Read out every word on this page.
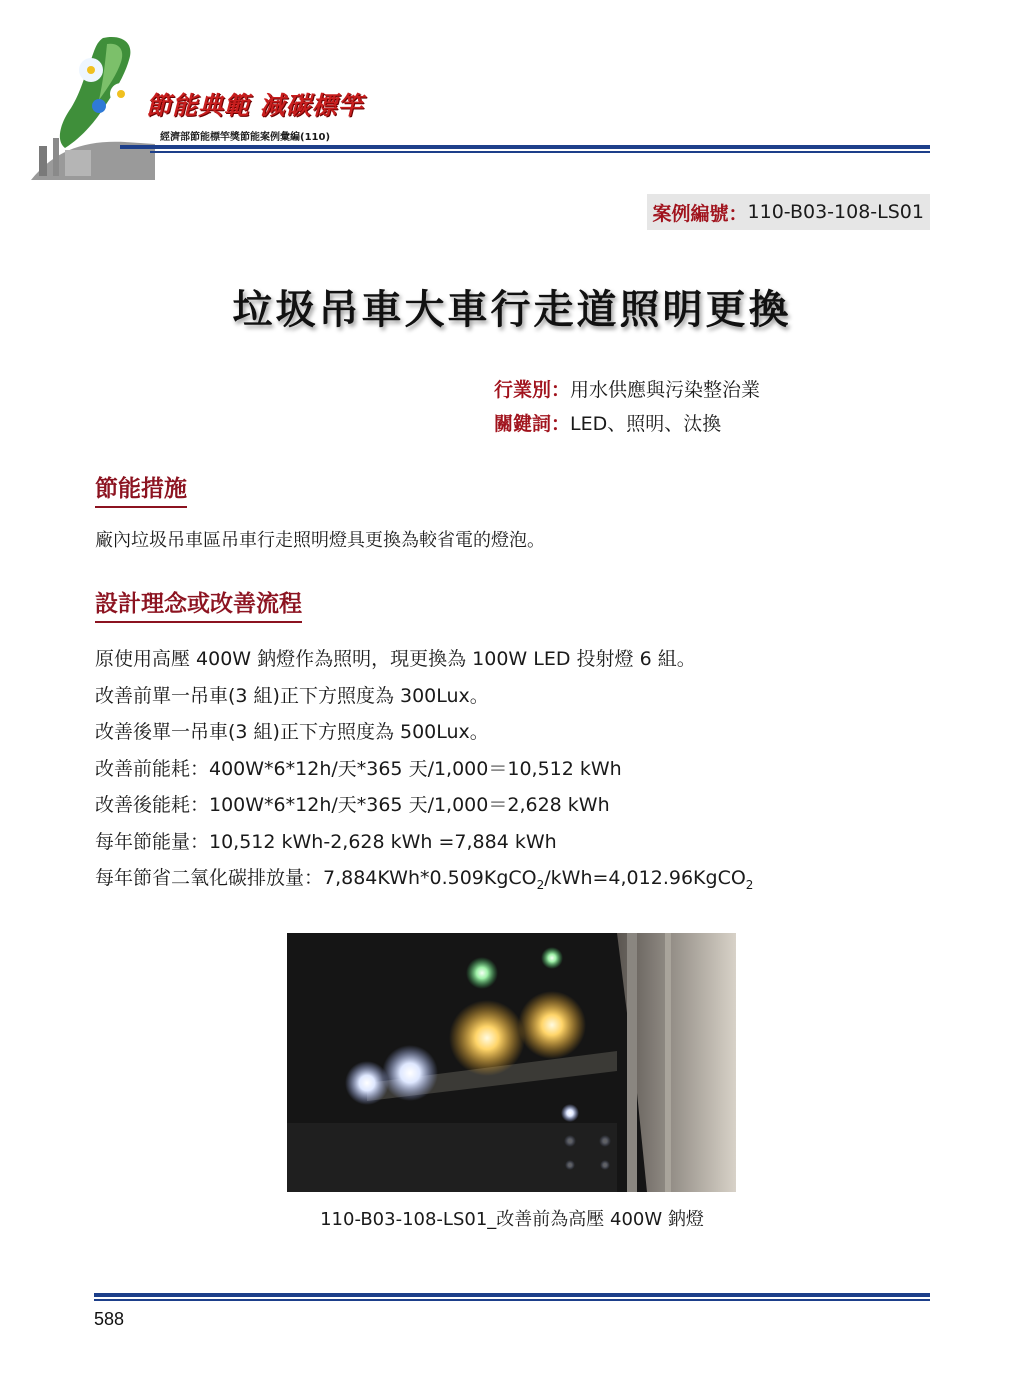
節能典範 減碳標竿
經濟部節能標竿獎節能案例彙編(110)
案例編號： 110-B03-108-LS01
垃圾吊車大車行走道照明更換
行業別：用水供應與污染整治業
關鍵詞：LED、照明、汰換
節能措施
廠內垃圾吊車區吊車行走照明燈具更換為較省電的燈泡。
設計理念或改善流程
原使用高壓 400W 鈉燈作為照明，現更換為 100W LED 投射燈 6 組。
改善前單一吊車(3 組)正下方照度為 300Lux。
改善後單一吊車(3 組)正下方照度為 500Lux。
改善前能耗：400W*6*12h/天*365 天/1,000＝10,512 kWh
改善後能耗：100W*6*12h/天*365 天/1,000＝2,628 kWh
每年節能量：10,512 kWh-2,628 kWh =7,884 kWh
每年節省二氧化碳排放量：7,884KWh*0.509KgCO$_2$/kWh=4,012.96KgCO$_2$
110-B03-108-LS01_改善前為高壓 400W 鈉燈
588
